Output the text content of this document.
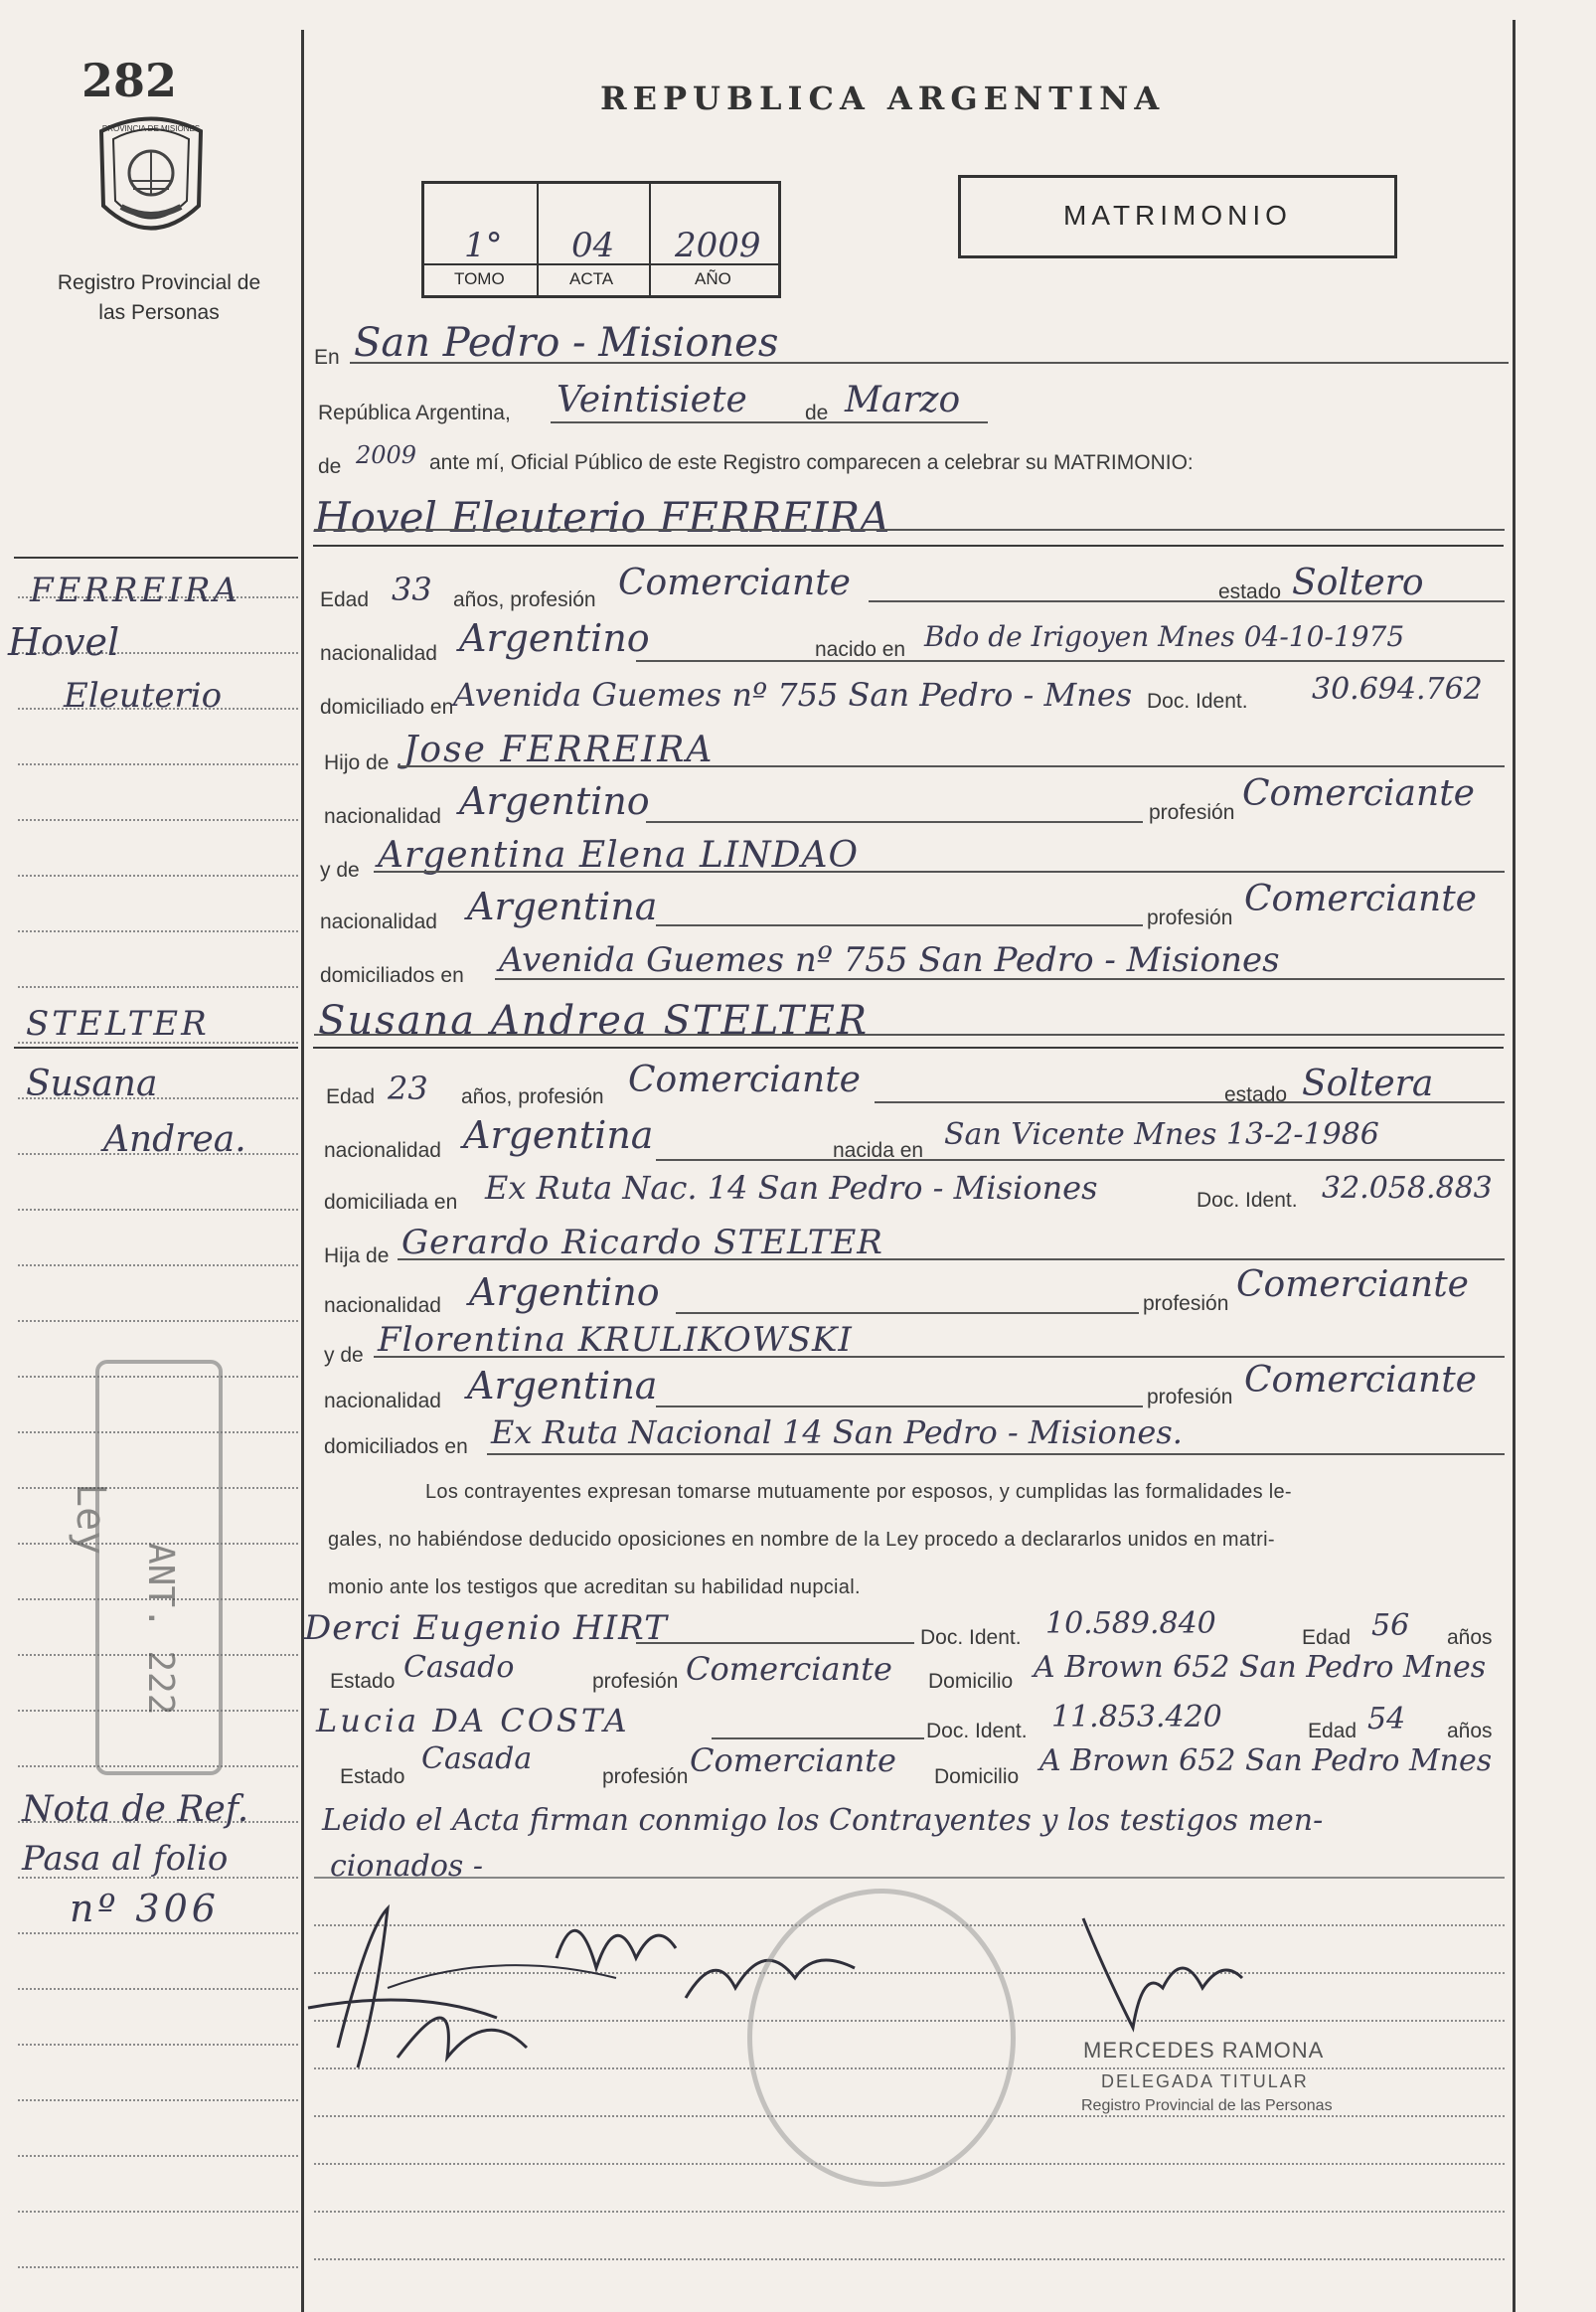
282
PROVINCIA DE MISIONES
Registro Provincial de las Personas
REPUBLICA ARGENTINA
1° 04 2009
TOMO	ACTA	AÑO
MATRIMONIO
En San Pedro - Misiones
República Argentina, Veintisiete	de Marzo
de 2009 ante mí, Oficial Público de este Registro comparecen a celebrar su MATRIMONIO:
Hovel Eleuterio FERREIRA
FERREIRA
Hovel
Eleuterio
Edad 33 años, profesión Comerciante	estado Soltero
nacionalidad Argentino	nacido en Bdo de Irigoyen Mnes 04-10-1975
domiciliado en Avenida Guemes nº 755 San Pedro - Mnes Doc. Ident. 30.694.762
Hijo de Jose FERREIRA
nacionalidad Argentino	profesión Comerciante
y de Argentina Elena LINDAO
nacionalidad Argentina	profesión Comerciante
domiciliados en Avenida Guemes nº 755 San Pedro - Misiones
Susana Andrea STELTER
STELTER
Susana
Andrea.
Edad 23 años, profesión Comerciante	estado Soltera
nacionalidad Argentina	nacida en San Vicente Mnes 13-2-1986
domiciliada en Ex Ruta Nac. 14 San Pedro - Misiones	Doc. Ident. 32.058.883
Hija de Gerardo Ricardo STELTER
nacionalidad Argentino	profesión Comerciante
y de Florentina KRULIKOWSKI
nacionalidad Argentina	profesión Comerciante
domiciliados en Ex Ruta Nacional 14 San Pedro - Misiones.
Los contrayentes expresan tomarse mutuamente por esposos, y cumplidas las formalidades le-
gales, no habiéndose deducido oposiciones en nombre de la Ley procedo a declararlos unidos en matri-
monio ante los testigos que acreditan su habilidad nupcial.
Derci Eugenio HIRT	Doc. Ident. 10.589.840	Edad 56 años
Estado Casado	profesión Comerciante Domicilio A Brown 652 San Pedro Mnes
Lucia DA COSTA	Doc. Ident. 11.853.420	Edad 54 años
Estado
Casada
profesión Comerciante Domicilio A Brown 652 San Pedro Mnes
Leido el Acta firman conmigo los Contrayentes y los testigos men-
cionados -
Nota de Ref.
Pasa al folio
nº 306
Ley
ANT. 222
MERCEDES RAMONA
DELEGADA TITULAR
Registro Provincial de las Personas
